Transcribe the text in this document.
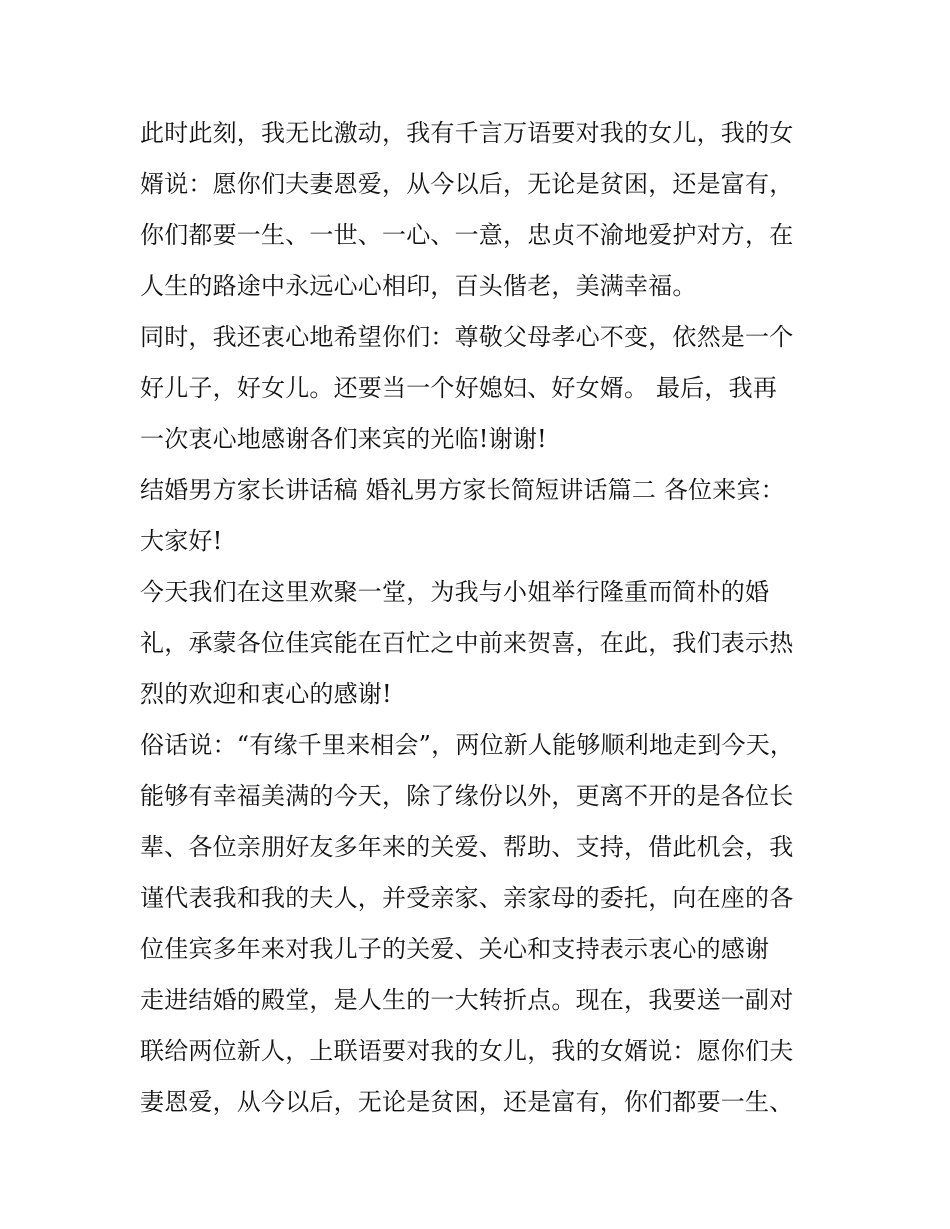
此时此刻，我无比激动，我有千言万语要对我的女儿，我的女
婿说：愿你们夫妻恩爱，从今以后，无论是贫困，还是富有，
你们都要一生、一世、一心、一意，忠贞不渝地爱护对方，在
人生的路途中永远心心相印，百头偕老，美满幸福。
同时，我还衷心地希望你们：尊敬父母孝心不变，依然是一个
好儿子，好女儿。还要当一个好媳妇、好女婿。 最后，我再
一次衷心地感谢各们来宾的光临!谢谢!
结婚男方家长讲话稿 婚礼男方家长简短讲话篇二 各位来宾：
大家好!
今天我们在这里欢聚一堂，为我与小姐举行隆重而简朴的婚
礼，承蒙各位佳宾能在百忙之中前来贺喜，在此，我们表示热
烈的欢迎和衷心的感谢!
俗话说：“有缘千里来相会”，两位新人能够顺利地走到今天，
能够有幸福美满的今天，除了缘份以外，更离不开的是各位长
辈、各位亲朋好友多年来的关爱、帮助、支持，借此机会，我
谨代表我和我的夫人，并受亲家、亲家母的委托，向在座的各
位佳宾多年来对我儿子的关爱、关心和支持表示衷心的感谢
走进结婚的殿堂，是人生的一大转折点。现在，我要送一副对
联给两位新人，上联语要对我的女儿，我的女婿说：愿你们夫
妻恩爱，从今以后，无论是贫困，还是富有，你们都要一生、
